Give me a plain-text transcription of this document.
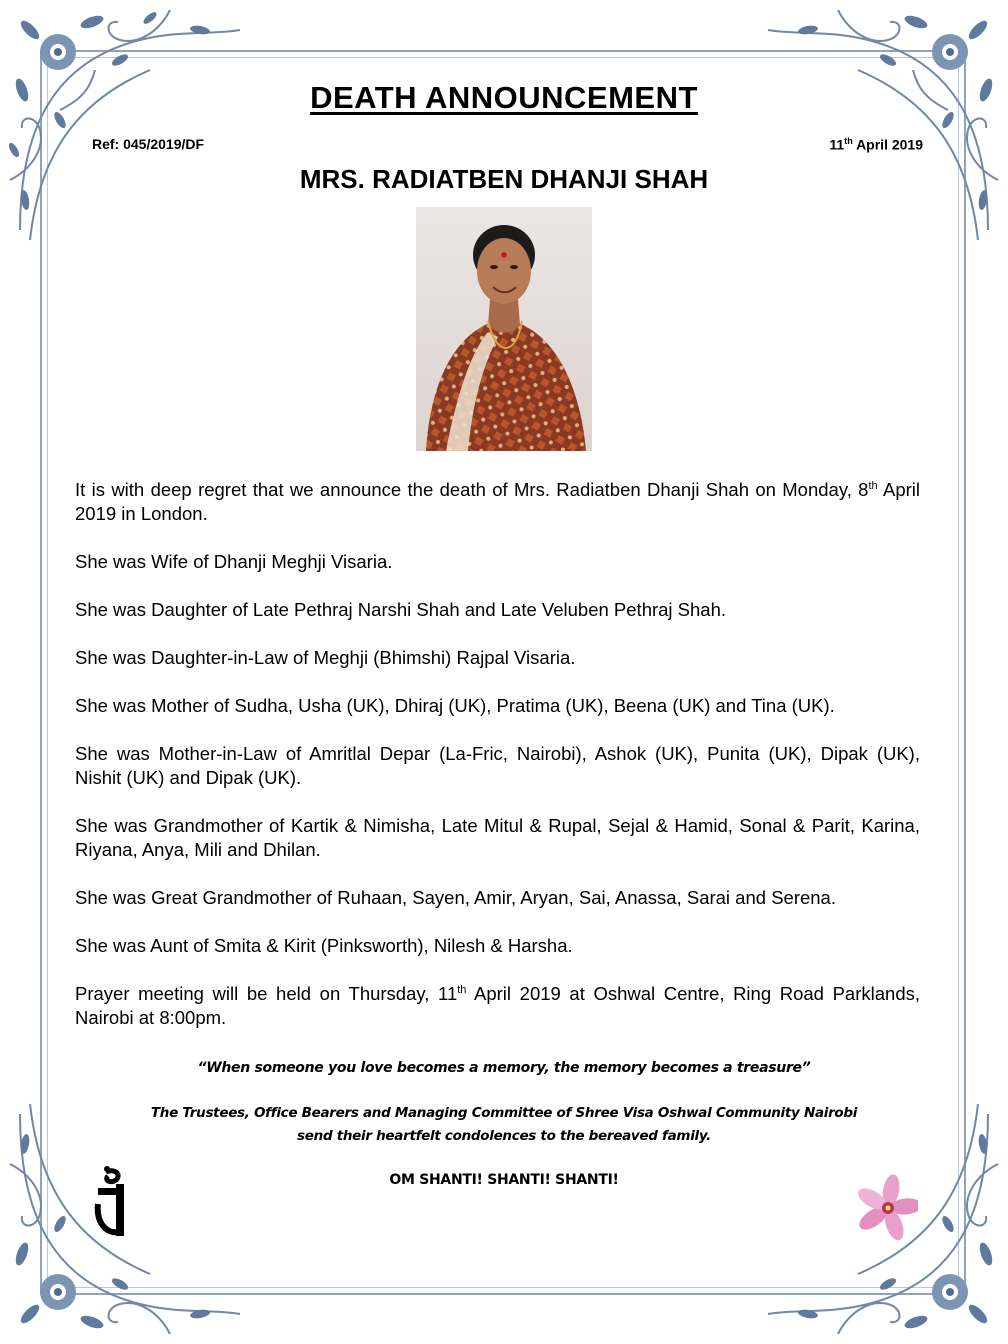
DEATH ANNOUNCEMENT
Ref: 045/2019/DF	11th April 2019
MRS. RADIATBEN DHANJI SHAH

It is with deep regret that we announce the death of Mrs. Radiatben Dhanji Shah on Monday, 8th April 2019 in London.

She was Wife of Dhanji Meghji Visaria.

She was Daughter of Late Pethraj Narshi Shah and Late Veluben Pethraj Shah.

She was Daughter-in-Law of Meghji (Bhimshi) Rajpal Visaria.

She was Mother of Sudha, Usha (UK), Dhiraj (UK), Pratima (UK), Beena (UK) and Tina (UK).

She was Mother-in-Law of Amritlal Depar (La-Fric, Nairobi), Ashok (UK), Punita (UK), Dipak (UK), Nishit (UK) and Dipak (UK).

She was Grandmother of Kartik & Nimisha, Late Mitul & Rupal, Sejal & Hamid, Sonal & Parit, Karina, Riyana, Anya, Mili and Dhilan.

She was Great Grandmother of Ruhaan, Sayen, Amir, Aryan, Sai, Anassa, Sarai and Serena.

She was Aunt of Smita & Kirit (Pinksworth), Nilesh & Harsha.

Prayer meeting will be held on Thursday, 11th April 2019 at Oshwal Centre, Ring Road Parklands, Nairobi at 8:00pm.

“When someone you love becomes a memory, the memory becomes a treasure”
The Trustees, Office Bearers and Managing Committee of Shree Visa Oshwal Community Nairobi
send their heartfelt condolences to the bereaved family.
OM SHANTI! SHANTI! SHANTI!
